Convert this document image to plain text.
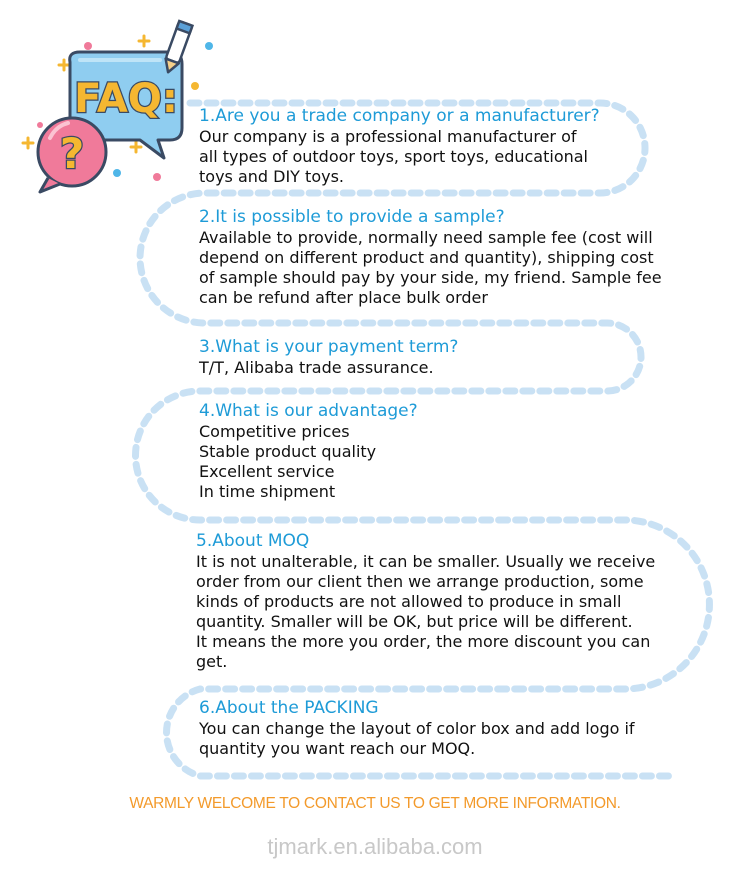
FAQ:
?
1.Are you a trade company or a manufacturer?
Our company is a professional manufacturer of
all types of outdoor toys, sport toys, educational
toys and DIY toys.
2.It is possible to provide a sample?
Available to provide, normally need sample fee (cost will
depend on different product and quantity), shipping cost
of sample should pay by your side, my friend. Sample fee
can be refund after place bulk order
3.What is your payment term?
T/T, Alibaba trade assurance.
4.What is our advantage?
Competitive prices
Stable product quality
Excellent service
In time shipment
5.About MOQ
It is not unalterable, it can be smaller. Usually we receive
order from our client then we arrange production, some
kinds of products are not allowed to produce in small
quantity. Smaller will be OK, but price will be different.
It means the more you order, the more discount you can
get.
6.About the PACKING
You can change the layout of color box and add logo if
quantity you want reach our MOQ.
WARMLY WELCOME TO CONTACT US TO GET MORE INFORMATION.
tjmark.en.alibaba.com
